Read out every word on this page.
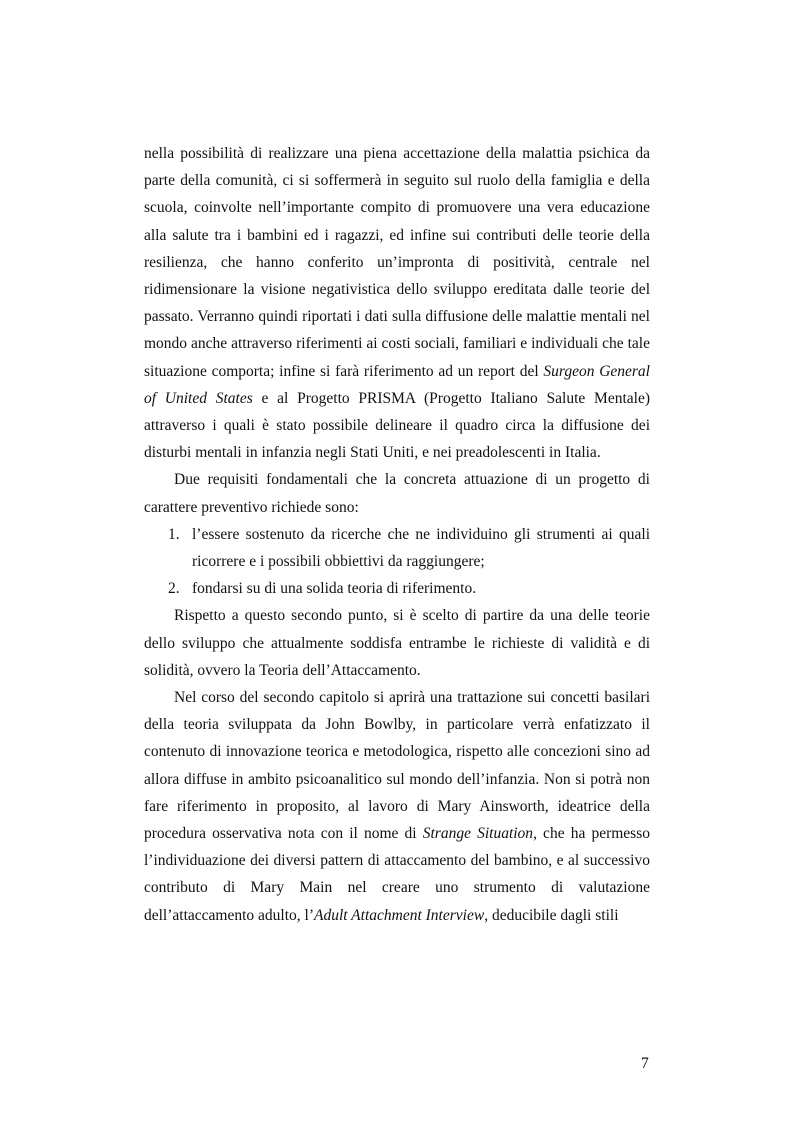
nella possibilità di realizzare una piena accettazione della malattia psichica da parte della comunità, ci si soffermerà in seguito sul ruolo della famiglia e della scuola, coinvolte nell’importante compito di promuovere una vera educazione alla salute tra i bambini ed i ragazzi, ed infine sui contributi delle teorie della resilienza, che hanno conferito un’impronta di positività, centrale nel ridimensionare la visione negativistica dello sviluppo ereditata dalle teorie del passato. Verranno quindi riportati i dati sulla diffusione delle malattie mentali nel mondo anche attraverso riferimenti ai costi sociali, familiari e individuali che tale situazione comporta; infine si farà riferimento ad un report del Surgeon General of United States e al Progetto PRISMA (Progetto Italiano Salute Mentale) attraverso i quali è stato possibile delineare il quadro circa la diffusione dei disturbi mentali in infanzia negli Stati Uniti, e nei preadolescenti in Italia.

Due requisiti fondamentali che la concreta attuazione di un progetto di carattere preventivo richiede sono:

1. l’essere sostenuto da ricerche che ne individuino gli strumenti ai quali ricorrere e i possibili obbiettivi da raggiungere;
2. fondarsi su di una solida teoria di riferimento.

Rispetto a questo secondo punto, si è scelto di partire da una delle teorie dello sviluppo che attualmente soddisfa entrambe le richieste di validità e di solidità, ovvero la Teoria dell’Attaccamento.

Nel corso del secondo capitolo si aprirà una trattazione sui concetti basilari della teoria sviluppata da John Bowlby, in particolare verrà enfatizzato il contenuto di innovazione teorica e metodologica, rispetto alle concezioni sino ad allora diffuse in ambito psicoanalitico sul mondo dell’infanzia. Non si potrà non fare riferimento in proposito, al lavoro di Mary Ainsworth, ideatrice della procedura osservativa nota con il nome di Strange Situation, che ha permesso l’individuazione dei diversi pattern di attaccamento del bambino, e al successivo contributo di Mary Main nel creare uno strumento di valutazione dell’attaccamento adulto, l’Adult Attachment Interview, deducibile dagli stili

7
